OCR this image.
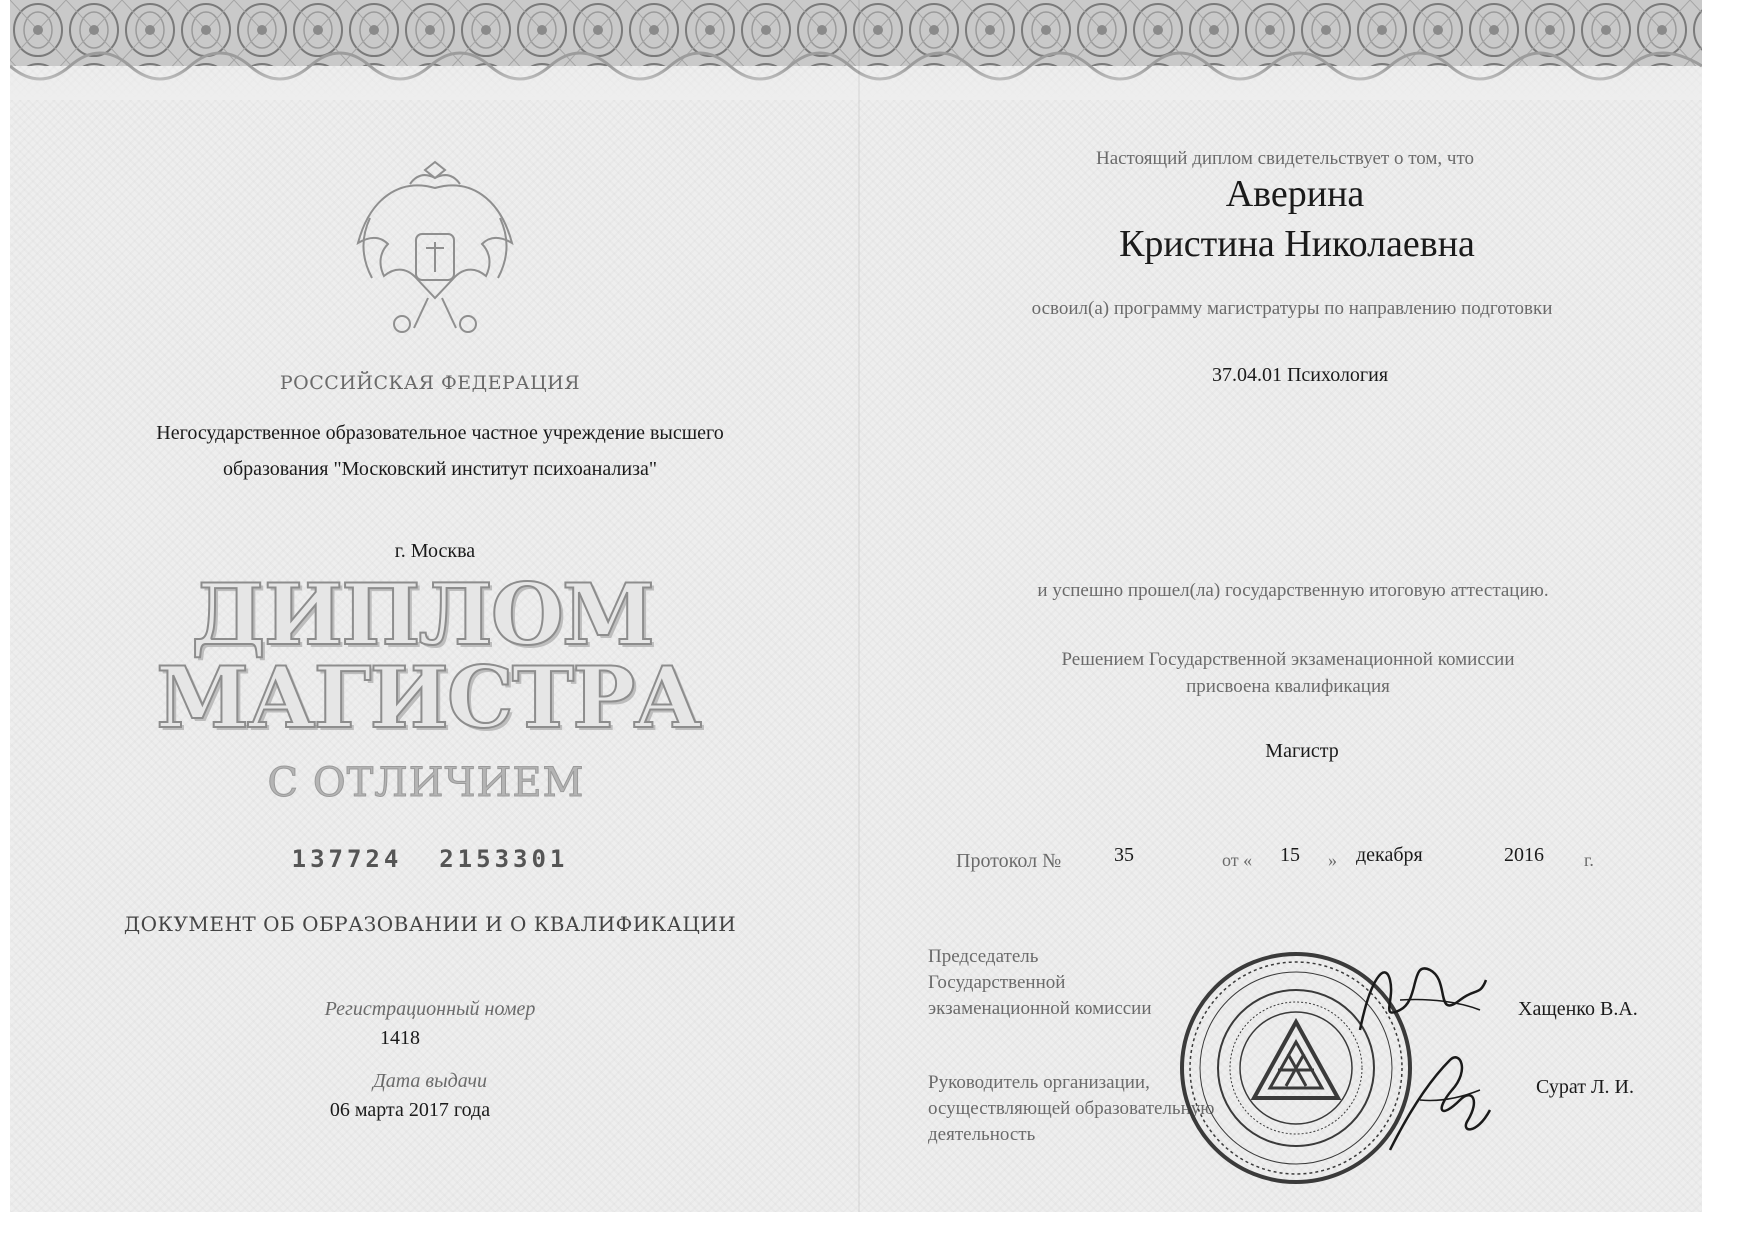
РОССИЙСКАЯ ФЕДЕРАЦИЯ
Негосударственное образовательное частное учреждение высшего
образования "Московский институт психоанализа"
г. Москва
ДИПЛОМ
МАГИСТРА
С ОТЛИЧИЕМ
137724  2153301
ДОКУМЕНТ ОБ ОБРАЗОВАНИИ И О КВАЛИФИКАЦИИ
Регистрационный номер
1418
Дата выдачи
06 марта 2017 года
Настоящий диплом свидетельствует о том, что
Аверина
Кристина Николаевна
освоил(а) программу магистратуры по направлению подготовки
37.04.01 Психология
и успешно прошел(ла) государственную итоговую аттестацию.
Решением Государственной экзаменационной комиссии
присвоена квалификация
Магистр
Протокол №	35	от « 15 » декабря	2016 г.
Председатель
Государственной
экзаменационной комиссии	Хащенко В.А.
Руководитель организации,
осуществляющей образовательную
деятельность
Сурат Л. И.
